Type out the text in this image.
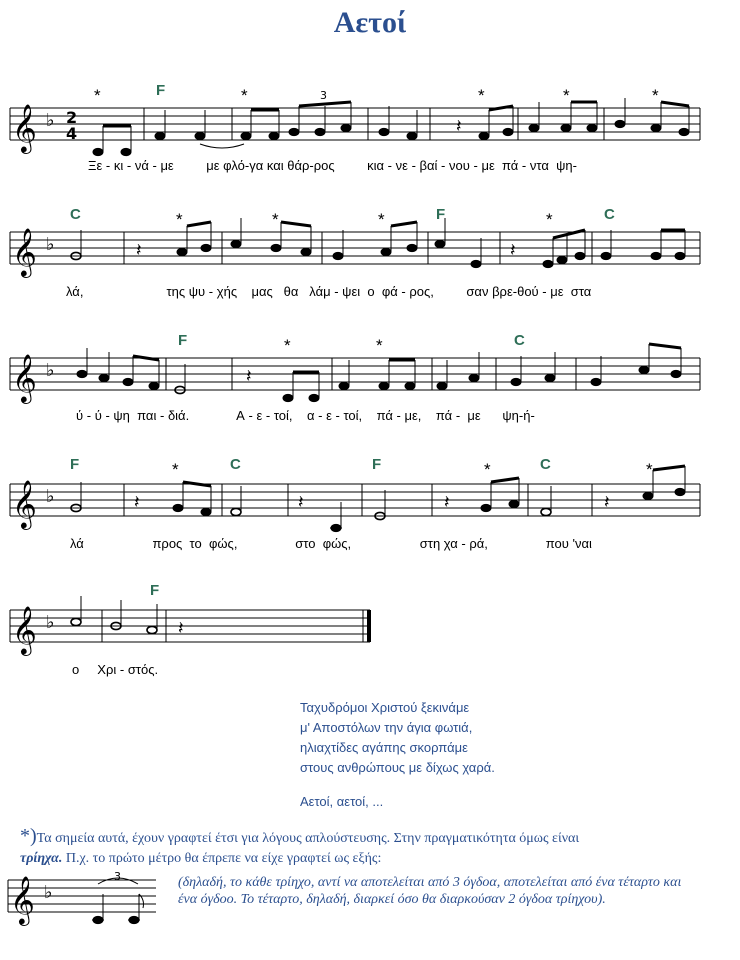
Αετοί
F
*	*	*	*	*
𝄞 ♭ 2
4	𝄽
3
Ξε - κι - νά - με	με φλό-γα και θάρ-ρος	κια - νε - βαί - νου - με πά - ντα ψη-
C	F	C
*	*	*	*
𝄞 ♭	𝄽	𝄽
λά,	της ψυ - χής μας θα λάμ - ψει ο φά - ρος,	σαν βρε-θού - με στα
F	C
*	*
𝄞 ♭	𝄽
ύ - ύ - ψη παι - διά.	Α - ε - τοί, α - ε - τοί, πά - με, πά - με ψη-ή-
F	C	F	C
*	*	*
𝄞 ♭	𝄽	𝄽	𝄽	𝄽
λά	προς το φώς,	στο φώς,	στη χα - ρά,	που 'ναι
F
𝄞 ♭	𝄽
ο Χρι - στός.
Ταχυδρόμοι Χριστού ξεκινάμε
μ' Αποστόλων την άγια φωτιά,
ηλιαχτίδες αγάπης σκορπάμε
στους ανθρώπους με δίχως χαρά.
Αετοί, αετοί, ...
*)Τα σημεία αυτά, έχουν γραφτεί έτσι για λόγους απλούστευσης. Στην πραγματικότητα όμως είναι
τρίηχα. Π.χ. το πρώτο μέτρο θα έπρεπε να είχε γραφτεί ως εξής:
𝄞 ♭
3	(δηλαδή, το κάθε τρίηχο, αντί να αποτελείται από 3 όγδοα, αποτελείται από ένα τέταρτο και ένα όγδοο. Το τέταρτο, δηλαδή, διαρκεί όσο θα διαρκούσαν 2 όγδοα τρίηχου).
